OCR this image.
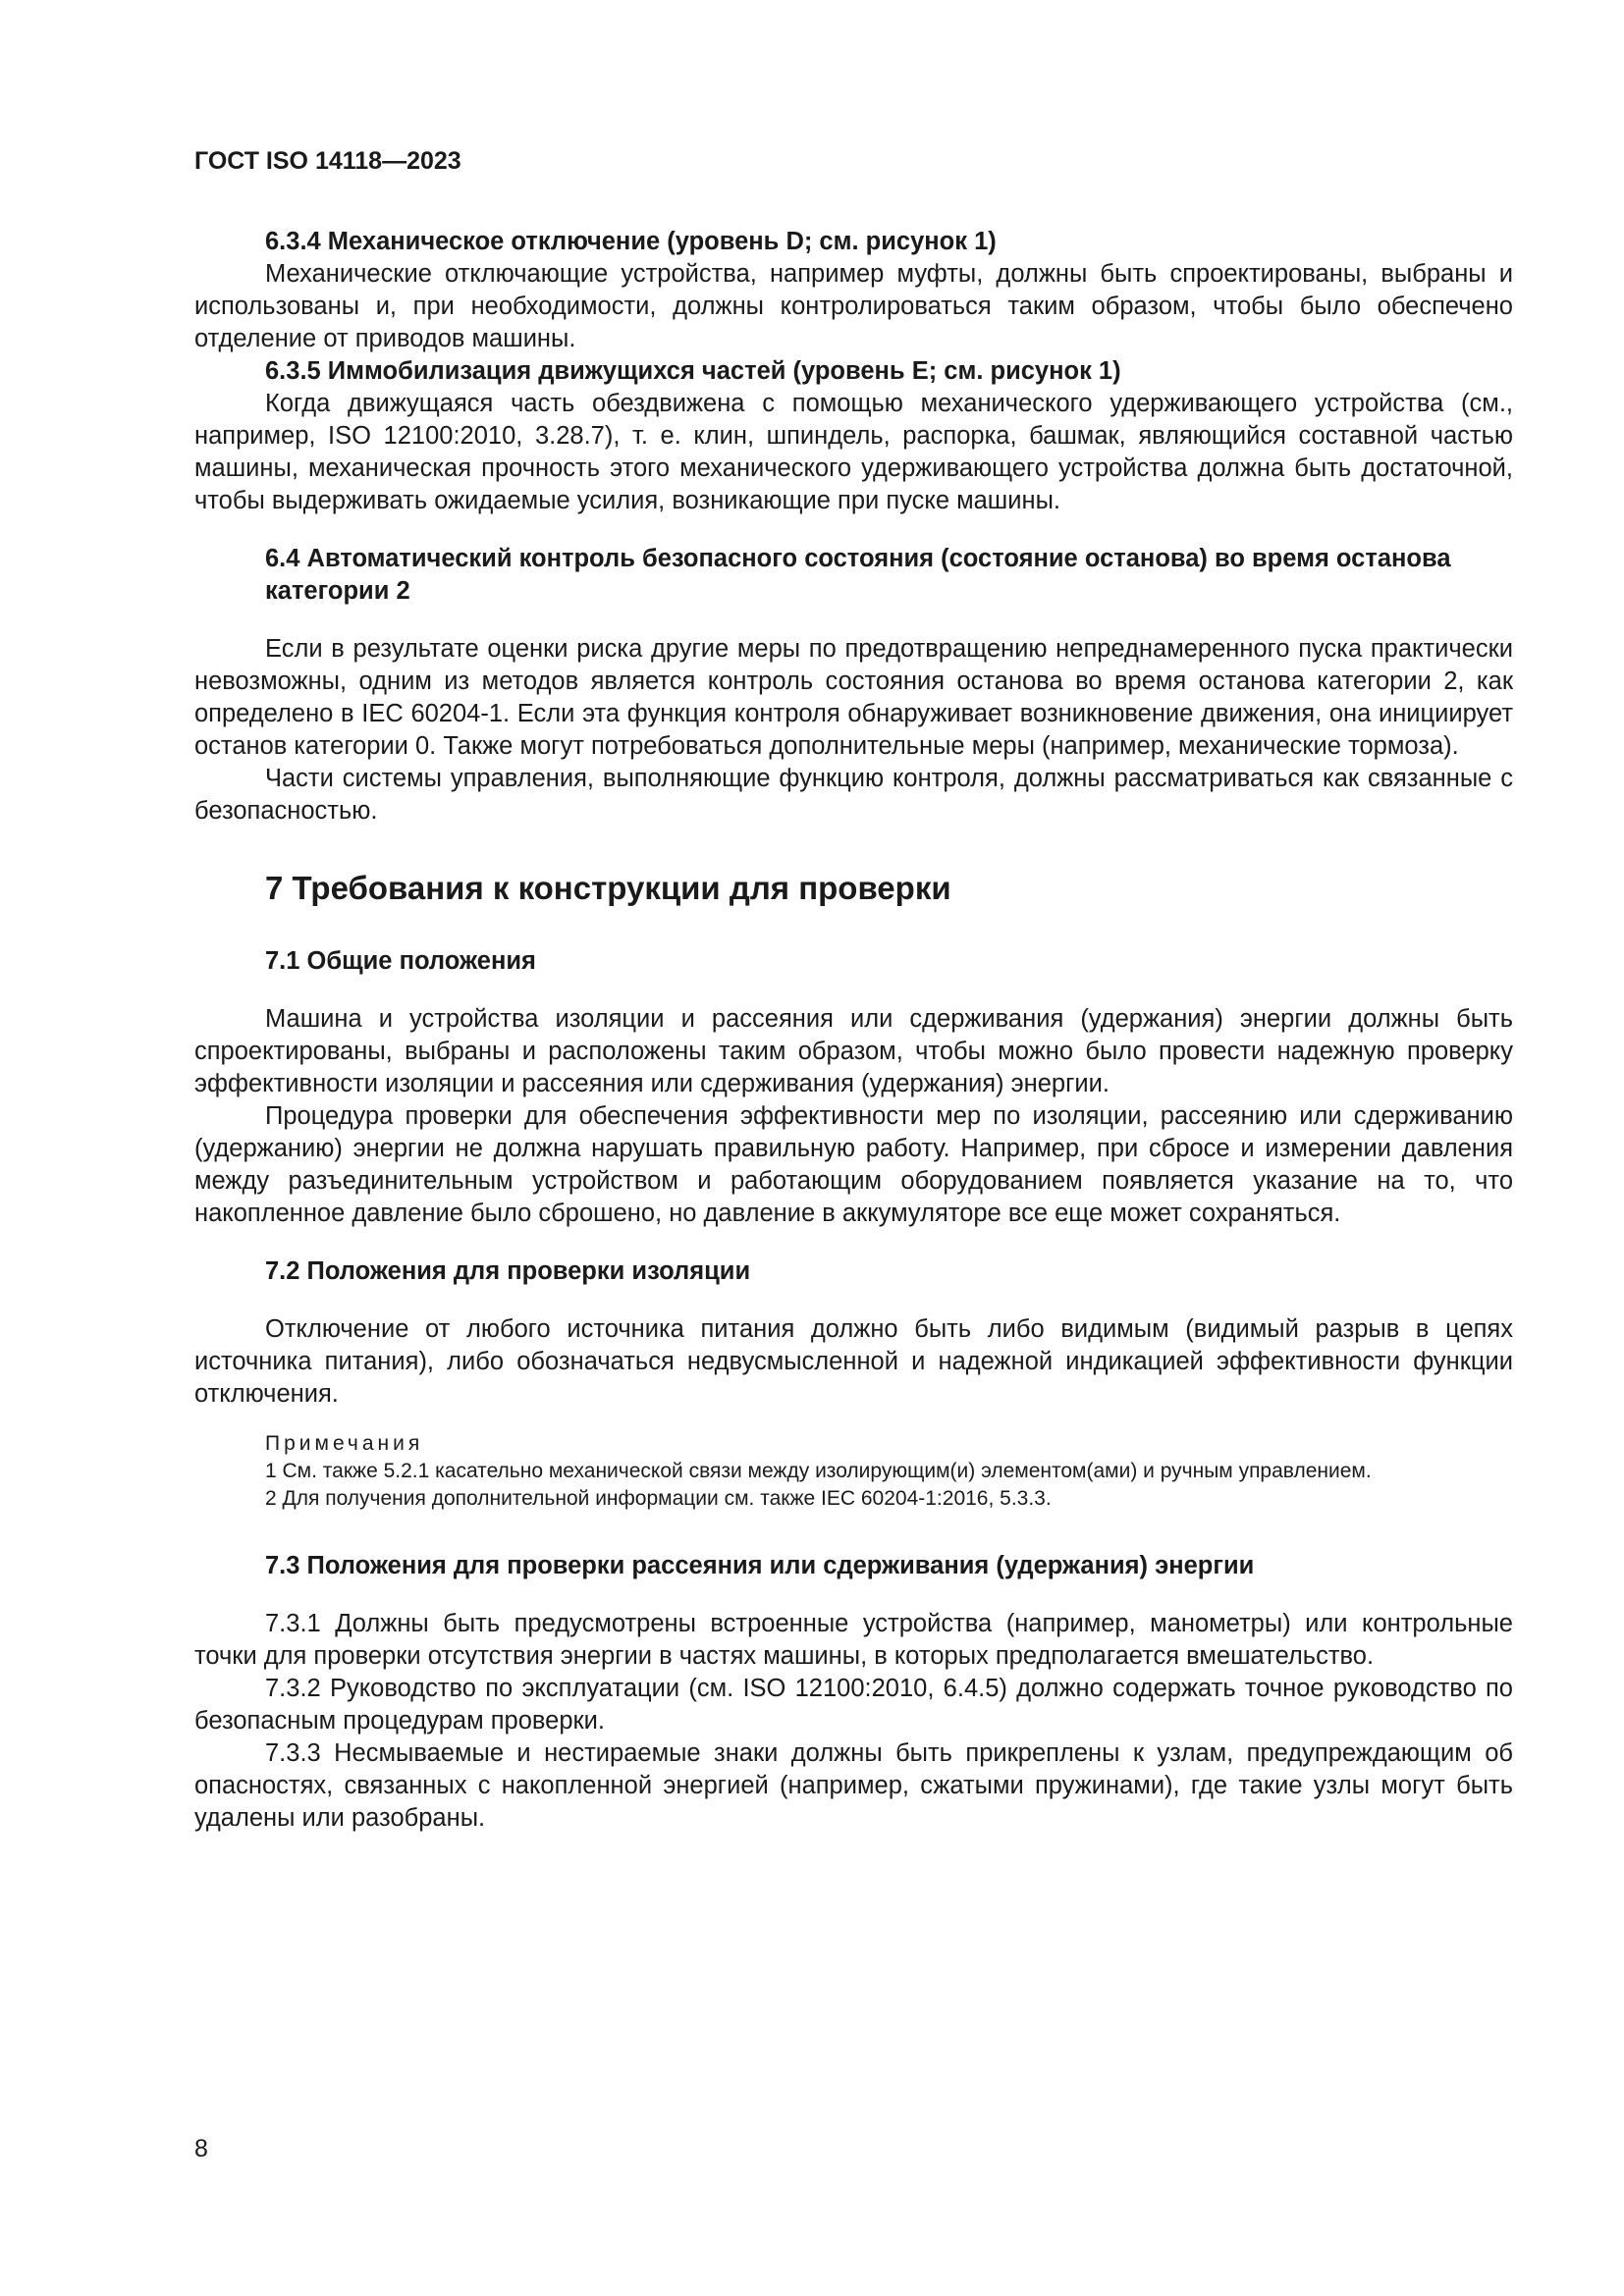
ГОСТ ISO 14118—2023

6.3.4 Механическое отключение (уровень D; см. рисунок 1)

Механические отключающие устройства, например муфты, должны быть спроектированы, выбраны и использованы и, при необходимости, должны контролироваться таким образом, чтобы было обеспечено отделение от приводов машины.

6.3.5 Иммобилизация движущихся частей (уровень E; см. рисунок 1)

Когда движущаяся часть обездвижена с помощью механического удерживающего устройства (см., например, ISO 12100:2010, 3.28.7), т. е. клин, шпиндель, распорка, башмак, являющийся составной частью машины, механическая прочность этого механического удерживающего устройства должна быть достаточной, чтобы выдерживать ожидаемые усилия, возникающие при пуске машины.

6.4 Автоматический контроль безопасного состояния (состояние останова) во время останова категории 2

Если в результате оценки риска другие меры по предотвращению непреднамеренного пуска практически невозможны, одним из методов является контроль состояния останова во время останова категории 2, как определено в IEC 60204-1. Если эта функция контроля обнаруживает возникновение движения, она инициирует останов категории 0. Также могут потребоваться дополнительные меры (например, механические тормоза).

Части системы управления, выполняющие функцию контроля, должны рассматриваться как связанные с безопасностью.

7 Требования к конструкции для проверки

7.1 Общие положения

Машина и устройства изоляции и рассеяния или сдерживания (удержания) энергии должны быть спроектированы, выбраны и расположены таким образом, чтобы можно было провести надежную проверку эффективности изоляции и рассеяния или сдерживания (удержания) энергии.

Процедура проверки для обеспечения эффективности мер по изоляции, рассеянию или сдерживанию (удержанию) энергии не должна нарушать правильную работу. Например, при сбросе и измерении давления между разъединительным устройством и работающим оборудованием появляется указание на то, что накопленное давление было сброшено, но давление в аккумуляторе все еще может сохраняться.

7.2 Положения для проверки изоляции

Отключение от любого источника питания должно быть либо видимым (видимый разрыв в цепях источника питания), либо обозначаться недвусмысленной и надежной индикацией эффективности функции отключения.

Примечания

1 См. также 5.2.1 касательно механической связи между изолирующим(и) элементом(ами) и ручным управлением.

2 Для получения дополнительной информации см. также IEC 60204-1:2016, 5.3.3.

7.3 Положения для проверки рассеяния или сдерживания (удержания) энергии

7.3.1 Должны быть предусмотрены встроенные устройства (например, манометры) или контрольные точки для проверки отсутствия энергии в частях машины, в которых предполагается вмешательство.

7.3.2 Руководство по эксплуатации (см. ISO 12100:2010, 6.4.5) должно содержать точное руководство по безопасным процедурам проверки.

7.3.3 Несмываемые и нестираемые знаки должны быть прикреплены к узлам, предупреждающим об опасностях, связанных с накопленной энергией (например, сжатыми пружинами), где такие узлы могут быть удалены или разобраны.

8
